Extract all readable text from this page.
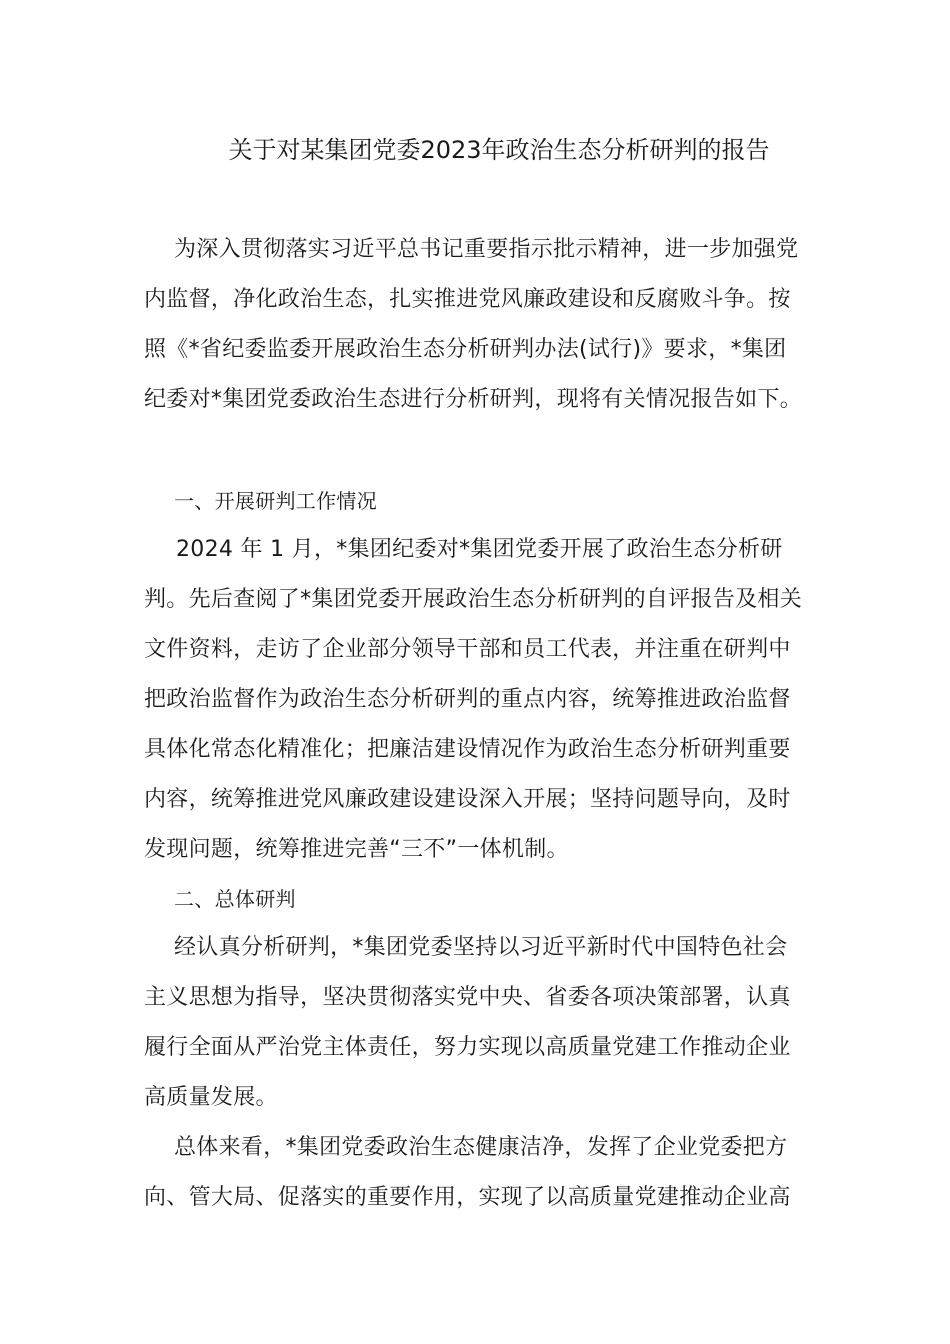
关于对某集团党委2023年政治生态分析研判的报告
为深入贯彻落实习近平总书记重要指示批示精神，进一步加强党
内监督，净化政治生态，扎实推进党风廉政建设和反腐败斗争。按
照《*省纪委监委开展政治生态分析研判办法(试行)》要求，*集团
纪委对*集团党委政治生态进行分析研判，现将有关情况报告如下。
一、开展研判工作情况
2024 年 1 月，*集团纪委对*集团党委开展了政治生态分析研
判。先后查阅了*集团党委开展政治生态分析研判的自评报告及相关
文件资料，走访了企业部分领导干部和员工代表，并注重在研判中
把政治监督作为政治生态分析研判的重点内容，统筹推进政治监督
具体化常态化精准化；把廉洁建设情况作为政治生态分析研判重要
内容，统筹推进党风廉政建设建设深入开展；坚持问题导向，及时
发现问题，统筹推进完善“三不”一体机制。
二、总体研判
经认真分析研判，*集团党委坚持以习近平新时代中国特色社会
主义思想为指导，坚决贯彻落实党中央、省委各项决策部署，认真
履行全面从严治党主体责任，努力实现以高质量党建工作推动企业
高质量发展。
总体来看，*集团党委政治生态健康洁净，发挥了企业党委把方
向、管大局、促落实的重要作用，实现了以高质量党建推动企业高
